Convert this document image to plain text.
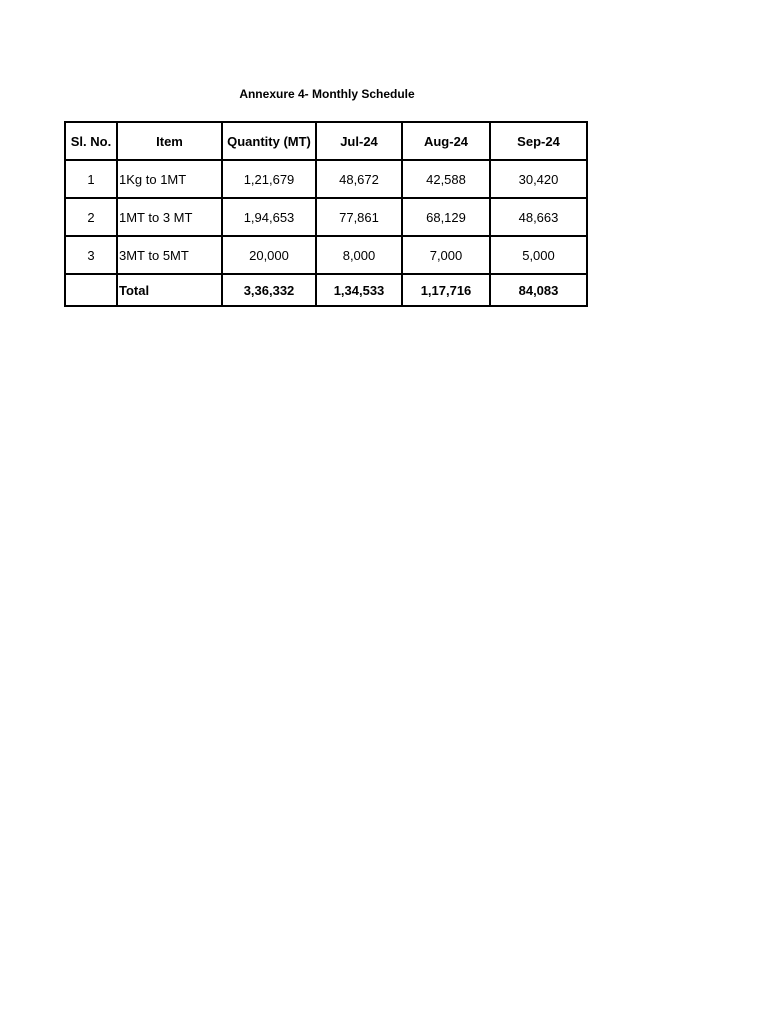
Annexure 4- Monthly Schedule
Sl. No.	Item	Quantity (MT)	Jul-24	Aug-24	Sep-24
1	1Kg to 1MT	1,21,679	48,672	42,588	30,420
2	1MT to 3 MT	1,94,653	77,861	68,129	48,663
3	3MT to 5MT	20,000	8,000	7,000	5,000
	Total	3,36,332	1,34,533	1,17,716	84,083
